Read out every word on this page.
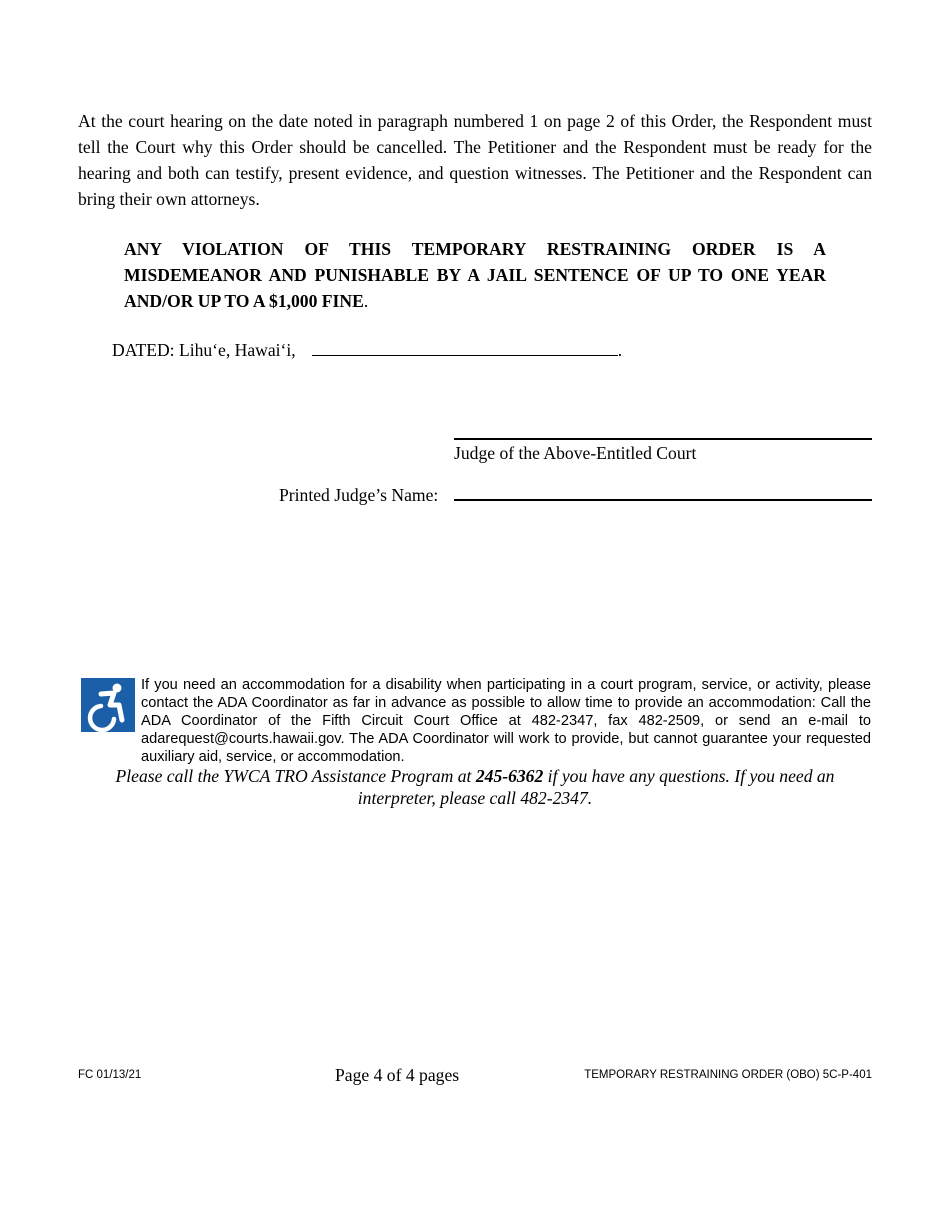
At the court hearing on the date noted in paragraph numbered 1 on page 2 of this Order, the Respondent must tell the Court why this Order should be cancelled. The Petitioner and the Respondent must be ready for the hearing and both can testify, present evidence, and question witnesses. The Petitioner and the Respondent can bring their own attorneys.
ANY VIOLATION OF THIS TEMPORARY RESTRAINING ORDER IS A MISDEMEANOR AND PUNISHABLE BY A JAIL SENTENCE OF UP TO ONE YEAR AND/OR UP TO A $1,000 FINE.
DATED: Lihu‘e, Hawai‘i,	.
Judge of the Above-Entitled Court
Printed Judge’s Name:
If you need an accommodation for a disability when participating in a court program, service, or activity, please contact the ADA Coordinator as far in advance as possible to allow time to provide an accommodation: Call the ADA Coordinator of the Fifth Circuit Court Office at 482-2347, fax 482-2509, or send an e-mail to adarequest@courts.hawaii.gov. The ADA Coordinator will work to provide, but cannot guarantee your requested auxiliary aid, service, or accommodation.
Please call the YWCA TRO Assistance Program at 245-6362 if you have any questions. If you need an interpreter, please call 482-2347.
FC 01/13/21	Page 4 of 4 pages	TEMPORARY RESTRAINING ORDER (OBO) 5C-P-401
